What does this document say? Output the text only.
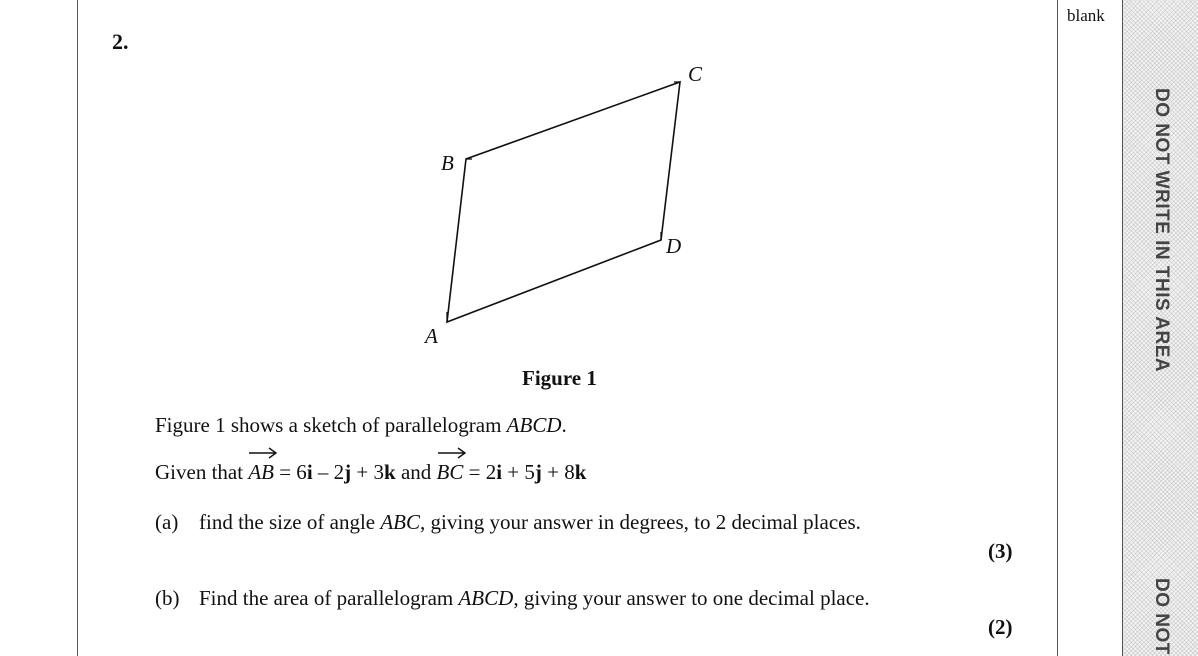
blank
DO NOT WRITE IN THIS AREA
DO NOT
2.
A
B
C
D
Figure 1
Figure 1 shows a sketch of parallelogram ABCD.
Given that
AB = 6i – 2j + 3k and
BC = 2i + 5j + 8k
(a) find the size of angle ABC, giving your answer in degrees, to 2 decimal places.
(3)
(b) Find the area of parallelogram ABCD, giving your answer to one decimal place.
(2)
